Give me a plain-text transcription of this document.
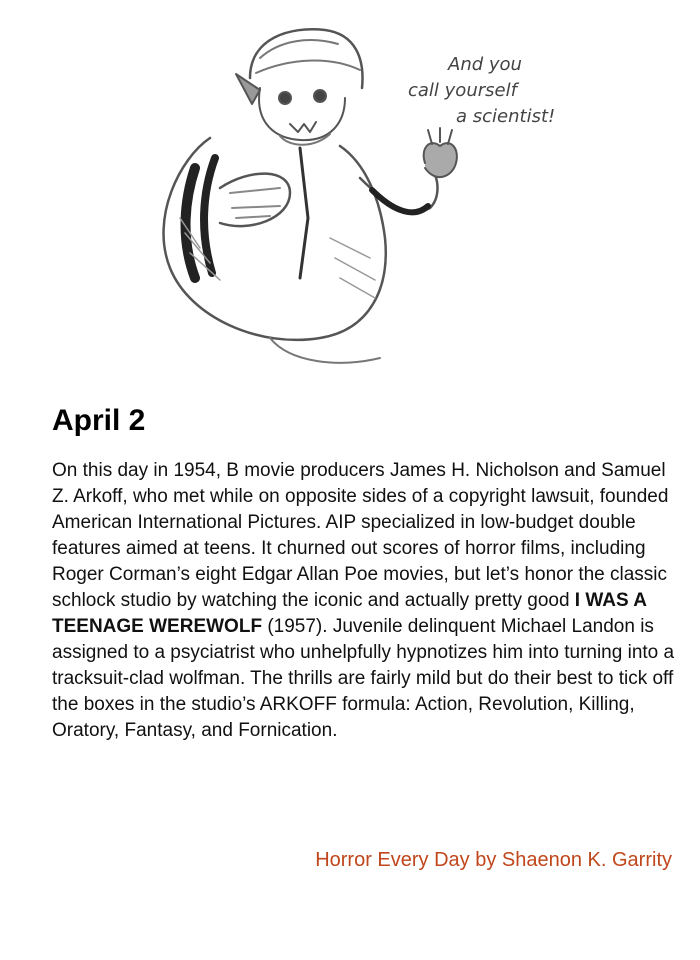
And you
call yourself
a scientist!
April 2

On this day in 1954, B movie producers James H. Nicholson and Samuel Z. Arkoff, who met while on opposite sides of a copyright lawsuit, founded American International Pictures. AIP specialized in low-budget double features aimed at teens. It churned out scores of horror films, including Roger Corman’s eight Edgar Allan Poe movies, but let’s honor the classic schlock studio by watching the iconic and actually pretty good I WAS A TEENAGE WEREWOLF (1957). Juvenile delinquent Michael Landon is assigned to a psyciatrist who unhelpfully hypnotizes him into turning into a tracksuit-clad wolfman. The thrills are fairly mild but do their best to tick off the boxes in the studio’s ARKOFF formula: Action, Revolution, Killing, Oratory, Fantasy, and Fornication.

Horror Every Day by Shaenon K. Garrity
